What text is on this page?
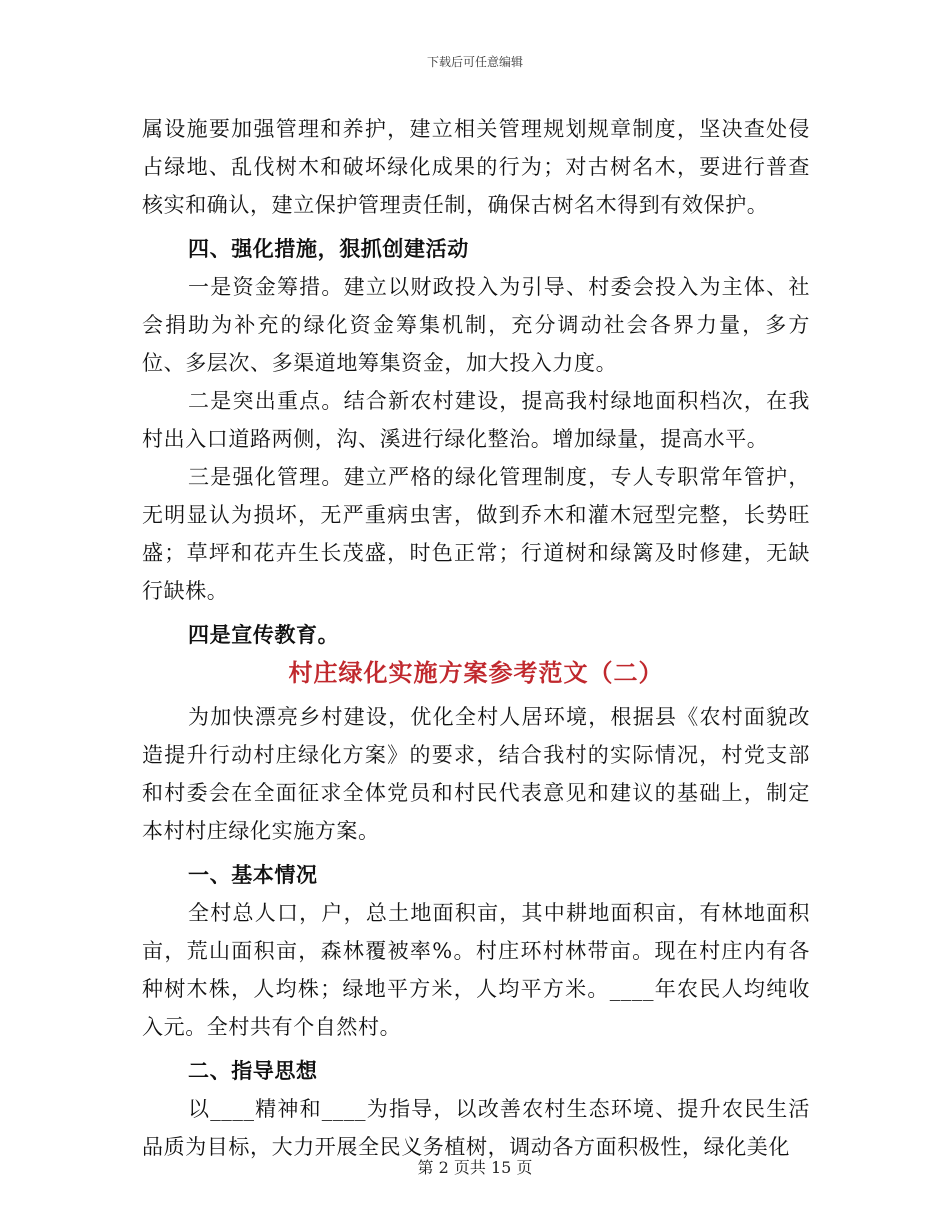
下载后可任意编辑

属设施要加强管理和养护，建立相关管理规划规章制度，坚决查处侵占绿地、乱伐树木和破坏绿化成果的行为；对古树名木，要进行普查核实和确认，建立保护管理责任制，确保古树名木得到有效保护。

四、强化措施，狠抓创建活动

一是资金筹措。建立以财政投入为引导、村委会投入为主体、社会捐助为补充的绿化资金筹集机制，充分调动社会各界力量，多方位、多层次、多渠道地筹集资金，加大投入力度。

二是突出重点。结合新农村建设，提高我村绿地面积档次，在我村出入口道路两侧，沟、溪进行绿化整治。增加绿量，提高水平。

三是强化管理。建立严格的绿化管理制度，专人专职常年管护，无明显认为损坏，无严重病虫害，做到乔木和灌木冠型完整，长势旺盛；草坪和花卉生长茂盛，时色正常；行道树和绿篱及时修建，无缺行缺株。

四是宣传教育。

村庄绿化实施方案参考范文（二）

为加快漂亮乡村建设，优化全村人居环境，根据县《农村面貌改造提升行动村庄绿化方案》的要求，结合我村的实际情况，村党支部和村委会在全面征求全体党员和村民代表意见和建议的基础上，制定本村村庄绿化实施方案。

一、基本情况

全村总人口，户，总土地面积亩，其中耕地面积亩，有林地面积亩，荒山面积亩，森林覆被率%。村庄环村林带亩。现在村庄内有各种树木株，人均株；绿地平方米，人均平方米。____年农民人均纯收入元。全村共有个自然村。

二、指导思想

以____精神和____为指导，以改善农村生态环境、提升农民生活品质为目标，大力开展全民义务植树，调动各方面积极性，绿化美化

第 2 页共 15 页
